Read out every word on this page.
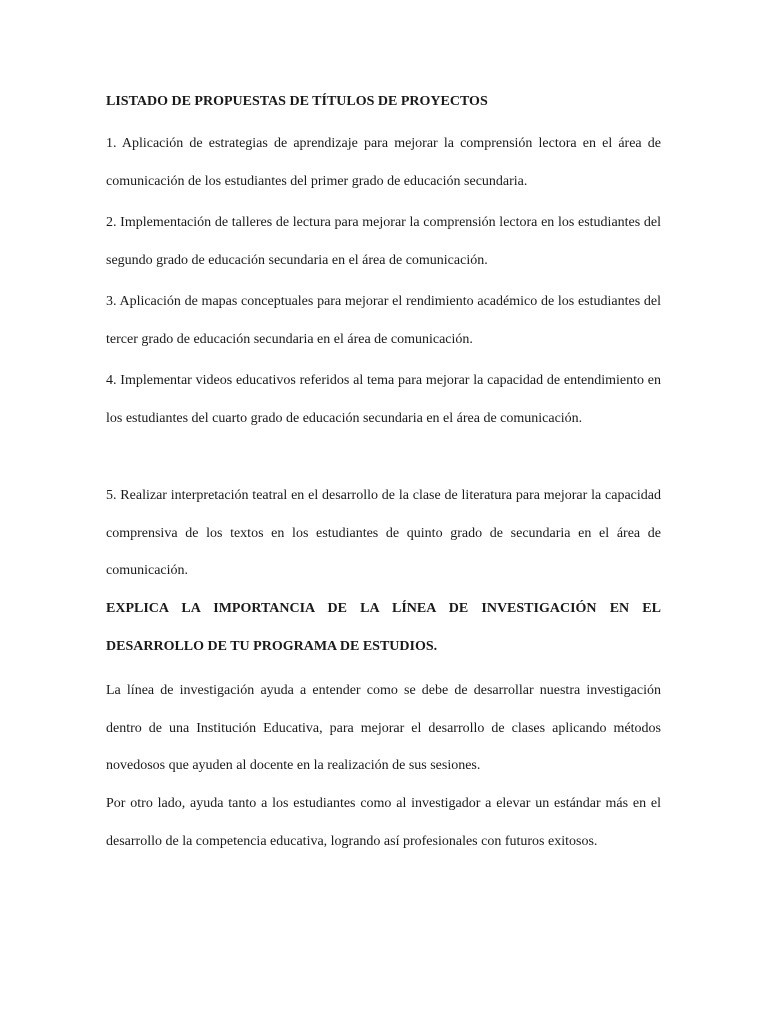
LISTADO DE PROPUESTAS DE TÍTULOS DE PROYECTOS

1. Aplicación de estrategias de aprendizaje para mejorar la comprensión lectora en el área de comunicación de los estudiantes del primer grado de educación secundaria.

2. Implementación de talleres de lectura para mejorar la comprensión lectora en los estudiantes del segundo grado de educación secundaria en el área de comunicación.

3. Aplicación de mapas conceptuales para mejorar el rendimiento académico de los estudiantes del tercer grado de educación secundaria en el área de comunicación.

4. Implementar videos educativos referidos al tema para mejorar la capacidad de entendimiento en los estudiantes del cuarto grado de educación secundaria en el área de comunicación.

5. Realizar interpretación teatral en el desarrollo de la clase de literatura para mejorar la capacidad comprensiva de los textos en los estudiantes de quinto grado de secundaria en el área de comunicación.

EXPLICA LA IMPORTANCIA DE LA LÍNEA DE INVESTIGACIÓN EN EL DESARROLLO DE TU PROGRAMA DE ESTUDIOS.

La línea de investigación ayuda a entender como se debe de desarrollar nuestra investigación dentro de una Institución Educativa, para mejorar el desarrollo de clases aplicando métodos novedosos que ayuden al docente en la realización de sus sesiones.

Por otro lado, ayuda tanto a los estudiantes como al investigador a elevar un estándar más en el desarrollo de la competencia educativa, logrando así profesionales con futuros exitosos.
